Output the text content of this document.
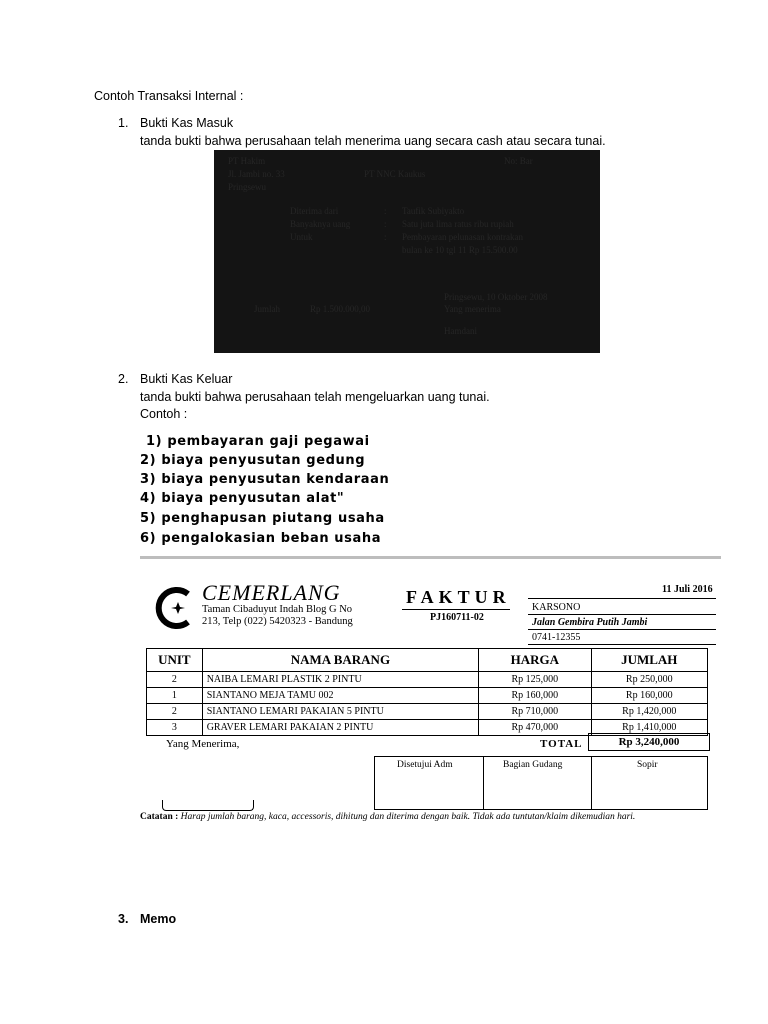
Contoh Transaksi Internal :
1. Bukti Kas Masuk
tanda bukti bahwa perusahaan telah menerima uang secara cash atau secara tunai.
PT Hakim	No: Bar
Jl. Jambi no. 33	PT NNC Kaukus
Pringsewu
Diterima dari	: Taufik Subiyakto
Banyaknya uang	: Satu juta lima ratus ribu rupiah
Untuk	: Pembayaran pelunasan kontrakan
bulan ke 10 tgl 11 Rp 15.500.00
Pringsewu, 10 Oktober 2008
Jumlah	Rp 1.500.000,00	Yang menerima
Hamdani
2. Bukti Kas Keluar
tanda bukti bahwa perusahaan telah mengeluarkan uang tunai.
Contoh :
1) pembayaran gaji pegawai
2) biaya penyusutan gedung
3) biaya penyusutan kendaraan
4) biaya penyusutan alat"
5) penghapusan piutang usaha
6) pengalokasian beban usaha
CEMERLANG
Taman Cibaduyut Indah Blog G No
213, Telp (022) 5420323 - Bandung
FAKTUR
PJ160711-02
11 Juli 2016
KARSONO
Jalan Gembira Putih Jambi
0741-12355
UNIT	NAMA BARANG	HARGA	JUMLAH
2	NAIBA LEMARI PLASTIK 2 PINTU	Rp 125,000	Rp 250,000
1	SIANTANO MEJA TAMU 002	Rp 160,000	Rp 160,000
2	SIANTANO LEMARI PAKAIAN 5 PINTU	Rp 710,000	Rp 1,420,000
3	GRAVER LEMARI PAKAIAN 2 PINTU	Rp 470,000	Rp 1,410,000
Yang Menerima,	TOTAL	Rp 3,240,000
Disetujui Adm	Bagian Gudang	Sopir
Catatan : Harap jumlah barang, kaca, accessoris, dihitung dan diterima dengan baik. Tidak ada tuntutan/klaim dikemudian hari.
3. Memo
